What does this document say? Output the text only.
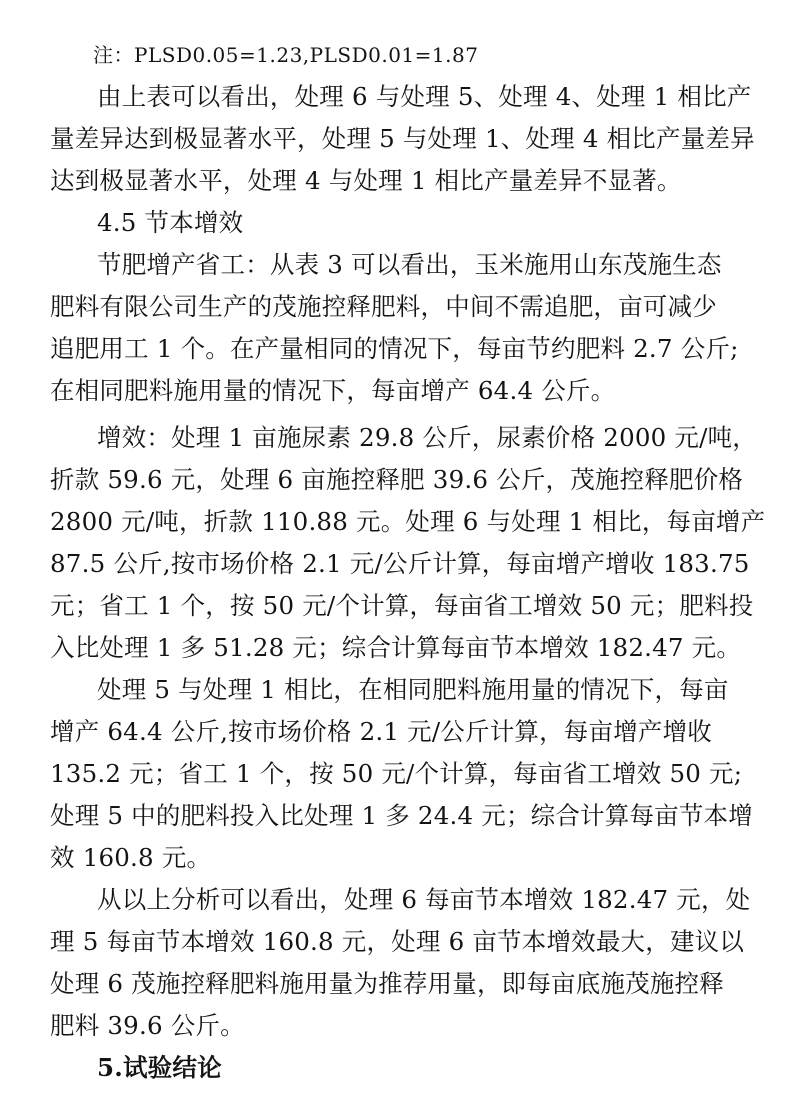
注：PLSD0.05=1.23,PLSD0.01=1.87
由上表可以看出，处理 6 与处理 5、处理 4、处理 1 相比产
量差异达到极显著水平，处理 5 与处理 1、处理 4 相比产量差异
达到极显著水平，处理 4 与处理 1 相比产量差异不显著。
4.5 节本增效
节肥增产省工：从表 3 可以看出，玉米施用山东茂施生态
肥料有限公司生产的茂施控释肥料，中间不需追肥，亩可减少
追肥用工 1 个。在产量相同的情况下，每亩节约肥料 2.7 公斤;
在相同肥料施用量的情况下，每亩增产 64.4 公斤。
增效：处理 1 亩施尿素 29.8 公斤，尿素价格 2000 元/吨，
折款 59.6 元，处理 6 亩施控释肥 39.6 公斤，茂施控释肥价格
2800 元/吨，折款 110.88 元。处理 6 与处理 1 相比，每亩增产
87.5 公斤,按市场价格 2.1 元/公斤计算，每亩增产增收 183.75
元；省工 1 个，按 50 元/个计算，每亩省工增效 50 元；肥料投
入比处理 1 多 51.28 元；综合计算每亩节本增效 182.47 元。
处理 5 与处理 1 相比，在相同肥料施用量的情况下，每亩
增产 64.4 公斤,按市场价格 2.1 元/公斤计算，每亩增产增收
135.2 元；省工 1 个，按 50 元/个计算，每亩省工增效 50 元;
处理 5 中的肥料投入比处理 1 多 24.4 元；综合计算每亩节本增
效 160.8 元。
从以上分析可以看出，处理 6 每亩节本增效 182.47 元，处
理 5 每亩节本增效 160.8 元，处理 6 亩节本增效最大，建议以
处理 6 茂施控释肥料施用量为推荐用量，即每亩底施茂施控释
肥料 39.6 公斤。
5.试验结论
